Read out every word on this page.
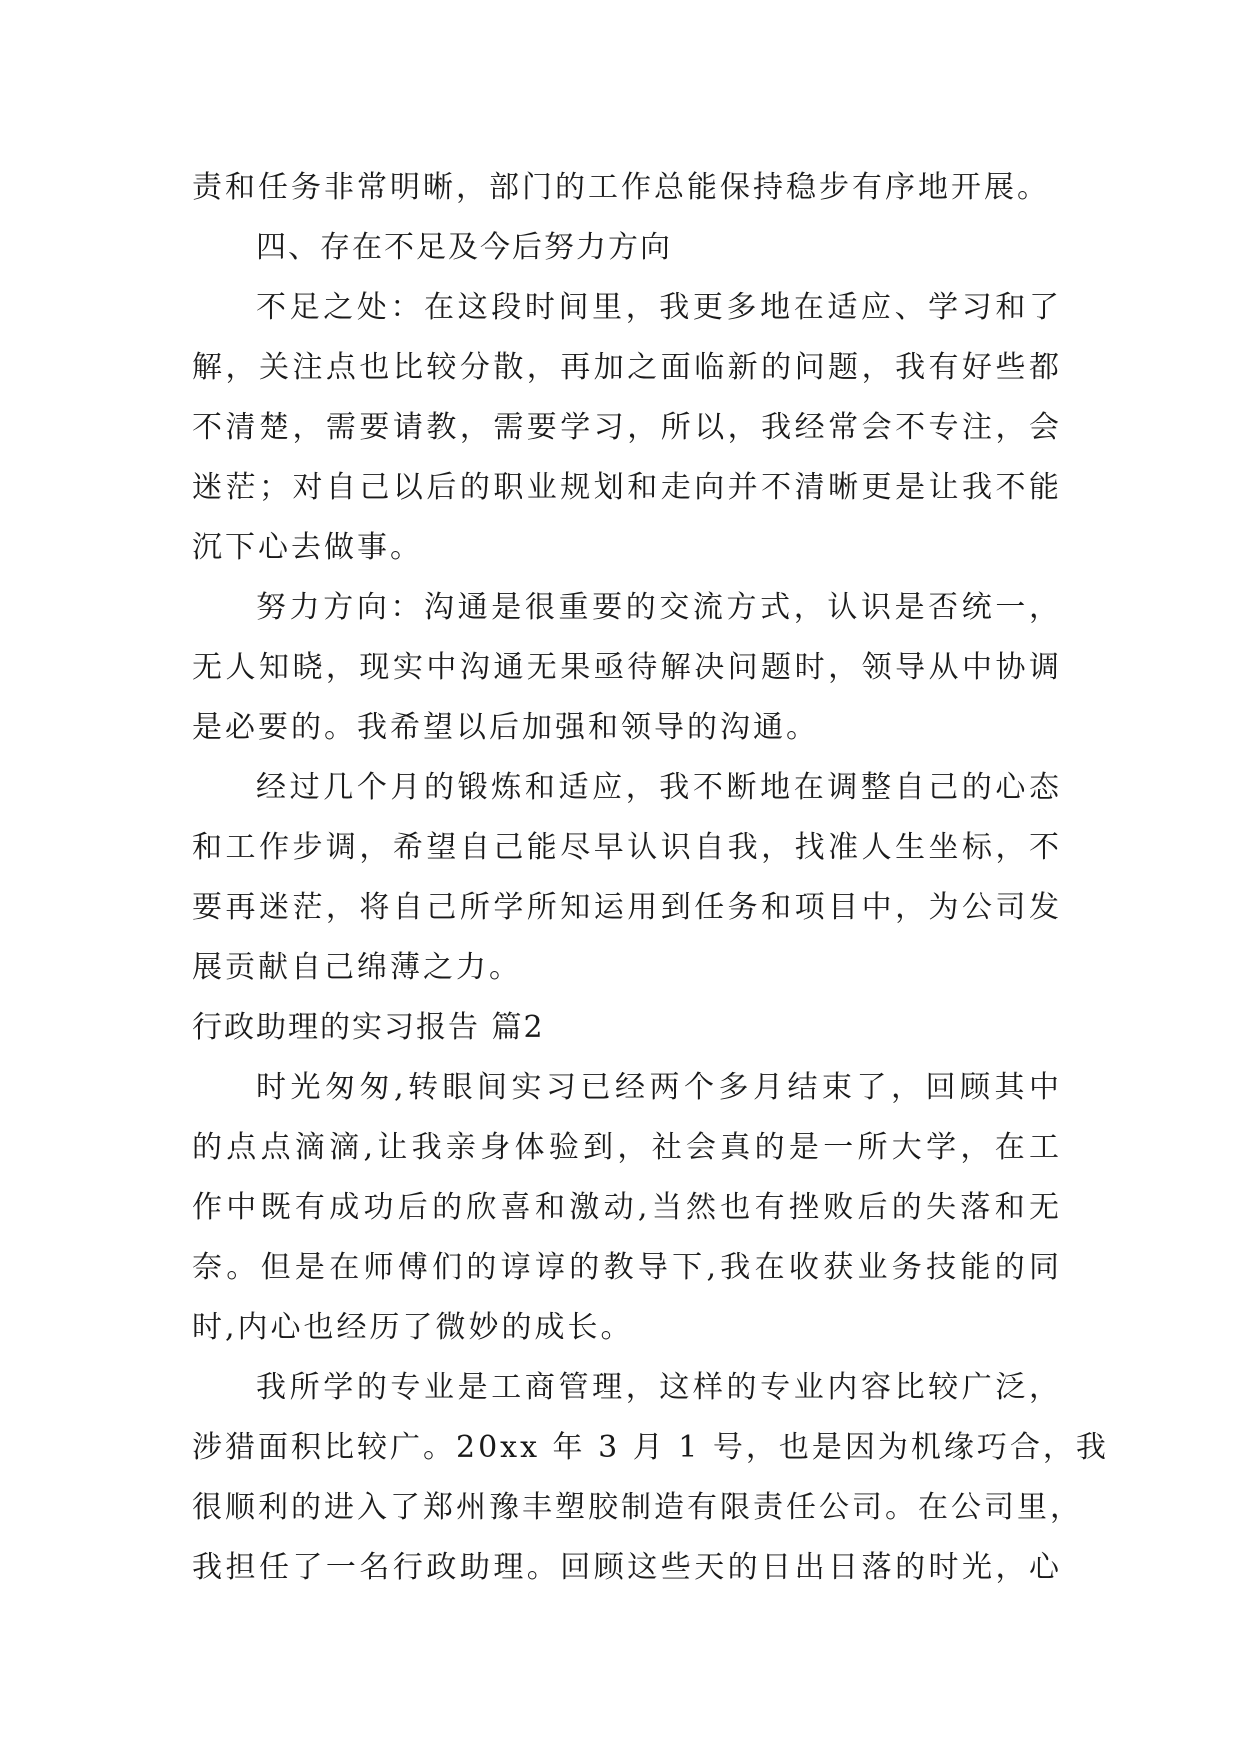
责和任务非常明晰，部门的工作总能保持稳步有序地开展。
四、存在不足及今后努力方向
不足之处：在这段时间里，我更多地在适应、学习和了
解，关注点也比较分散，再加之面临新的问题，我有好些都
不清楚，需要请教，需要学习，所以，我经常会不专注，会
迷茫；对自己以后的职业规划和走向并不清晰更是让我不能
沉下心去做事。
努力方向：沟通是很重要的交流方式，认识是否统一，
无人知晓，现实中沟通无果亟待解决问题时，领导从中协调
是必要的。我希望以后加强和领导的沟通。
经过几个月的锻炼和适应，我不断地在调整自己的心态
和工作步调，希望自己能尽早认识自我，找准人生坐标，不
要再迷茫，将自己所学所知运用到任务和项目中，为公司发
展贡献自己绵薄之力。
行政助理的实习报告 篇2
时光匆匆,转眼间实习已经两个多月结束了，回顾其中
的点点滴滴,让我亲身体验到，社会真的是一所大学，在工
作中既有成功后的欣喜和激动,当然也有挫败后的失落和无
奈。但是在师傅们的谆谆的教导下,我在收获业务技能的同
时,内心也经历了微妙的成长。
我所学的专业是工商管理，这样的专业内容比较广泛，
涉猎面积比较广。20xx 年 3 月 1 号，也是因为机缘巧合，我
很顺利的进入了郑州豫丰塑胶制造有限责任公司。在公司里，
我担任了一名行政助理。回顾这些天的日出日落的时光，心
